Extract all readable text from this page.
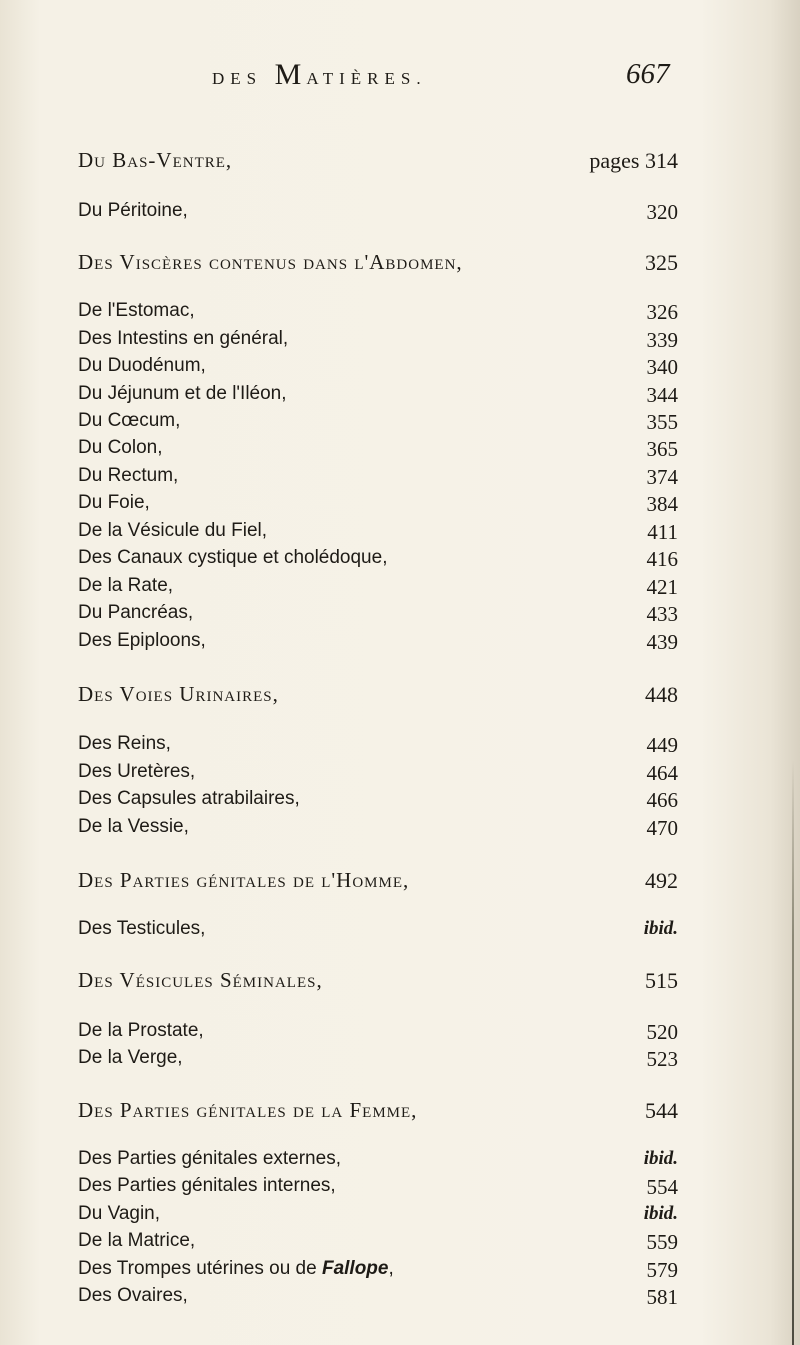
DES MATIÈRES.	667
Du Bas-Ventre,	pages 314
Du Péritoine,	320
Des Viscères contenus dans l'Abdomen,	325
De l'Estomac,	326
Des Intestins en général,	339
Du Duodénum,	340
Du Jéjunum et de l'Iléon,	344
Du Cœcum,	355
Du Colon,	365
Du Rectum,	374
Du Foie,	384
De la Vésicule du Fiel,	411
Des Canaux cystique et cholédoque,	416
De la Rate,	421
Du Pancréas,	433
Des Epiploons,	439
Des Voies Urinaires,	448
Des Reins,	449
Des Uretères,	464
Des Capsules atrabilaires,	466
De la Vessie,	470
Des Parties génitales de l'Homme,	492
Des Testicules,	ibid.
Des Vésicules Séminales,	515
De la Prostate,	520
De la Verge,	523
Des Parties génitales de la Femme,	544
Des Parties génitales externes,	ibid.
Des Parties génitales internes,	554
Du Vagin,	ibid.
De la Matrice,	559
Des Trompes utérines ou de Fallope,	579
Des Ovaires,	581
